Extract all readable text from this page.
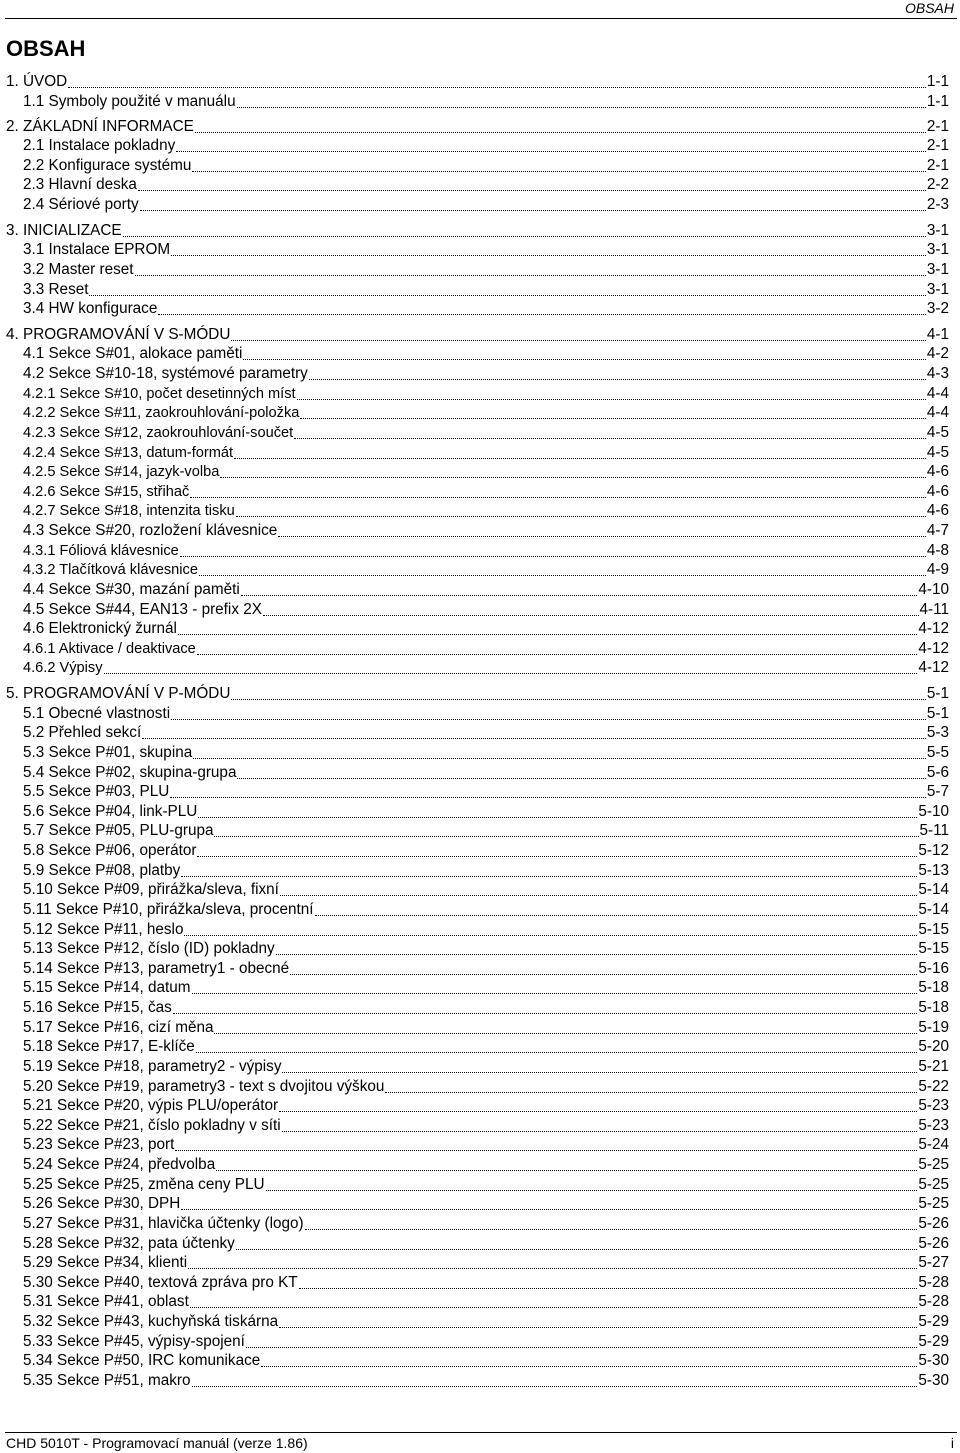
OBSAH
OBSAH
1. ÚVOD	1-1
1.1 Symboly použité v manuálu	1-1
2. ZÁKLADNÍ INFORMACE	2-1
2.1 Instalace pokladny	2-1
2.2 Konfigurace systému	2-1
2.3 Hlavní deska	2-2
2.4 Sériové porty	2-3
3. INICIALIZACE	3-1
3.1 Instalace EPROM	3-1
3.2 Master reset	3-1
3.3 Reset	3-1
3.4 HW konfigurace	3-2
4. PROGRAMOVÁNÍ V S-MÓDU	4-1
4.1 Sekce S#01, alokace paměti	4-2
4.2 Sekce S#10-18, systémové parametry	4-3
4.2.1 Sekce S#10, počet desetinných míst	4-4
4.2.2 Sekce S#11, zaokrouhlování-položka	4-4
4.2.3 Sekce S#12, zaokrouhlování-součet	4-5
4.2.4 Sekce S#13, datum-formát	4-5
4.2.5 Sekce S#14, jazyk-volba	4-6
4.2.6 Sekce S#15, střihač	4-6
4.2.7 Sekce S#18, intenzita tisku	4-6
4.3 Sekce S#20, rozložení klávesnice	4-7
4.3.1 Fóliová klávesnice	4-8
4.3.2 Tlačítková klávesnice	4-9
4.4 Sekce S#30, mazání paměti	4-10
4.5 Sekce S#44, EAN13 - prefix 2X	4-11
4.6 Elektronický žurnál	4-12
4.6.1 Aktivace / deaktivace	4-12
4.6.2 Výpisy	4-12
5. PROGRAMOVÁNÍ V P-MÓDU	5-1
5.1 Obecné vlastnosti	5-1
5.2 Přehled sekcí	5-3
5.3 Sekce P#01, skupina	5-5
5.4 Sekce P#02, skupina-grupa	5-6
5.5 Sekce P#03, PLU	5-7
5.6 Sekce P#04, link-PLU	5-10
5.7 Sekce P#05, PLU-grupa	5-11
5.8 Sekce P#06, operátor	5-12
5.9 Sekce P#08, platby	5-13
5.10 Sekce P#09, přirážka/sleva, fixní	5-14
5.11 Sekce P#10, přirážka/sleva, procentní	5-14
5.12 Sekce P#11, heslo	5-15
5.13 Sekce P#12, číslo (ID) pokladny	5-15
5.14 Sekce P#13, parametry1 - obecné	5-16
5.15 Sekce P#14, datum	5-18
5.16 Sekce P#15, čas	5-18
5.17 Sekce P#16, cizí měna	5-19
5.18 Sekce P#17, E-klíče	5-20
5.19 Sekce P#18, parametry2 - výpisy	5-21
5.20 Sekce P#19, parametry3 - text s dvojitou výškou	5-22
5.21 Sekce P#20, výpis PLU/operátor	5-23
5.22 Sekce P#21, číslo pokladny v síti	5-23
5.23 Sekce P#23, port	5-24
5.24 Sekce P#24, předvolba	5-25
5.25 Sekce P#25, změna ceny PLU	5-25
5.26 Sekce P#30, DPH	5-25
5.27 Sekce P#31, hlavička účtenky (logo)	5-26
5.28 Sekce P#32, pata účtenky	5-26
5.29 Sekce P#34, klienti	5-27
5.30 Sekce P#40, textová zpráva pro KT	5-28
5.31 Sekce P#41, oblast	5-28
5.32 Sekce P#43, kuchyňská tiskárna	5-29
5.33 Sekce P#45, výpisy-spojení	5-29
5.34 Sekce P#50, IRC komunikace	5-30
5.35 Sekce P#51, makro	5-30
CHD 5010T - Programovací manuál (verze 1.86)	i
